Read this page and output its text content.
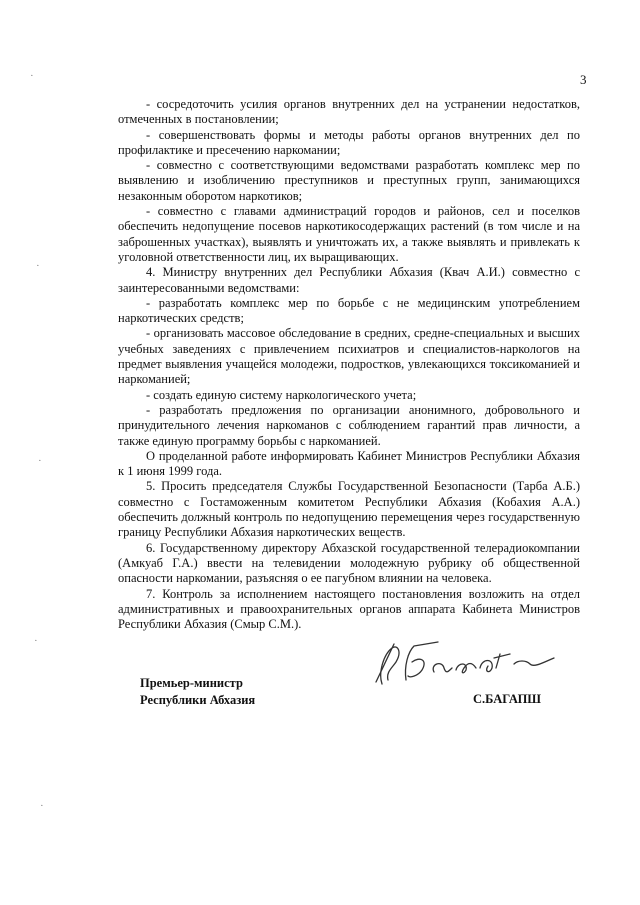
3

- сосредоточить усилия органов внутренних дел на устранении недостатков, отмеченных в постановлении;

- совершенствовать формы и методы работы органов внутренних дел по профилактике и пресечению наркомании;

- совместно с соответствующими ведомствами разработать комплекс мер по выявлению и изобличению преступников и преступных групп, занимающихся незаконным оборотом наркотиков;

- совместно с главами администраций городов и районов, сел и поселков обеспечить недопущение посевов наркотикосодержащих растений (в том числе и на заброшенных участках), выявлять и уничтожать их, а также выявлять и привлекать к уголовной ответственности лиц, их выращивающих.

4. Министру внутренних дел Республики Абхазия (Квач А.И.) совместно с заинтересованными ведомствами:

- разработать комплекс мер по борьбе с не медицинским употреблением наркотических средств;

- организовать массовое обследование в средних, средне-специальных и высших учебных заведениях с привлечением психиатров и специалистов-наркологов на предмет выявления учащейся молодежи, подростков, увлекающихся токсикоманией и наркоманией;

- создать единую систему наркологического учета;

- разработать предложения по организации анонимного, добровольного и принудительного лечения наркоманов с соблюдением гарантий прав личности, а также единую программу борьбы с наркоманией.

О проделанной работе информировать Кабинет Министров Республики Абхазия к 1 июня 1999 года.

5. Просить председателя Службы Государственной Безопасности (Тарба А.Б.) совместно с Гостаможенным комитетом Республики Абхазия (Кобахия А.А.) обеспечить должный контроль по недопущению перемещения через государственную границу Республики Абхазия наркотических веществ.

6. Государственному директору Абхазской государственной телерадиокомпании (Амкуаб Г.А.) ввести на телевидении молодежную рубрику об общественной опасности наркомании, разъясняя о ее пагубном влиянии на человека.

7. Контроль за исполнением настоящего постановления возложить на отдел административных и правоохранительных органов аппарата Кабинета Министров Республики Абхазия (Смыр С.М.).

Премьер-министр
Республики Абхазия	С.БАГАПШ
·
·
·
·
·
